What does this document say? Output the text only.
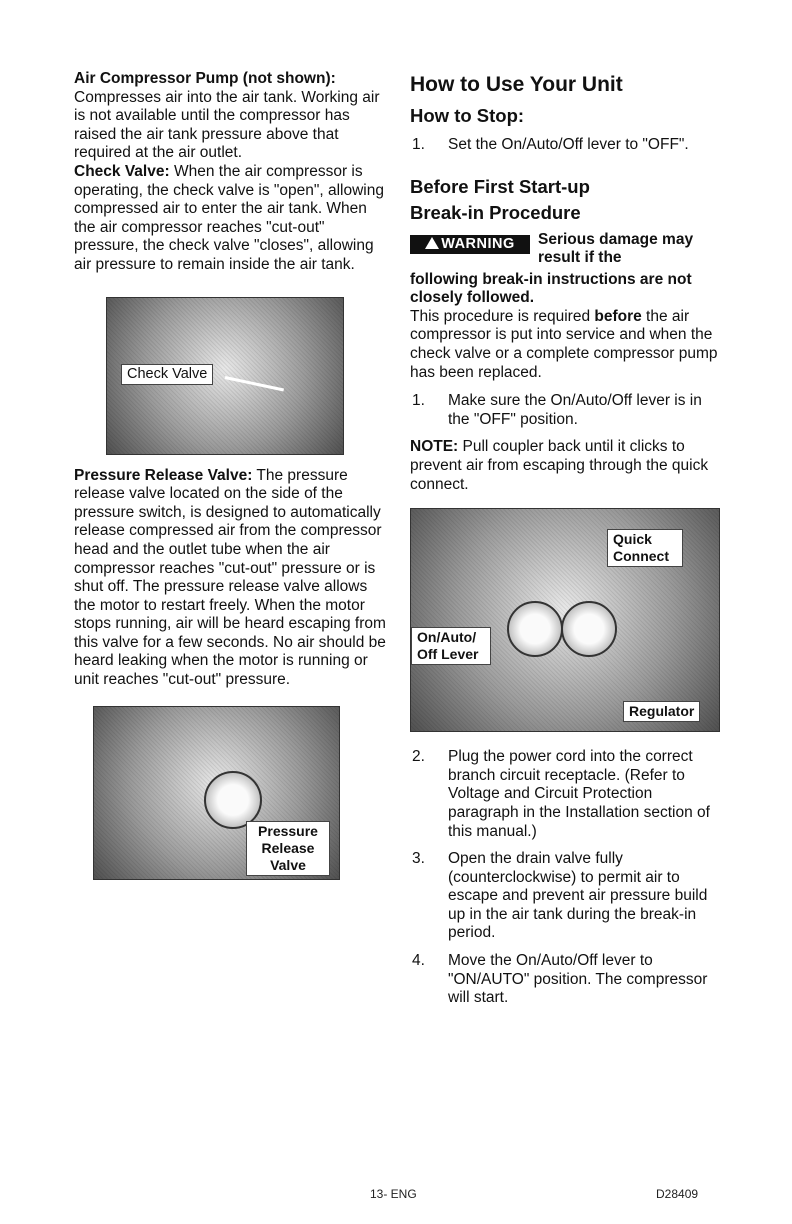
Air Compressor Pump (not shown):
Compresses air into the air tank. Working air is not available until the compressor has raised the air tank pressure above that required at the air outlet.

Check Valve: When the air compressor is operating, the check valve is "open", allowing compressed air to enter the air tank. When the air compressor reaches "cut-out" pressure, the check valve "closes", allowing air pressure to remain inside the air tank.

Check Valve

Pressure Release Valve: The pressure release valve located on the side of the pressure switch, is designed to automatically release compressed air from the compressor head and the outlet tube when the air compressor reaches "cut-out" pressure or is shut off. The pressure release valve allows the motor to restart freely. When the motor stops running, air will be heard escaping from this valve for a few seconds. No air should be heard leaking when the motor is running or unit reaches "cut-out" pressure.

Pressure
Release
Valve
How to Use Your Unit
How to Stop:
1. Set the On/Auto/Off lever to "OFF".
Before First Start-up
Break-in Procedure
WARNING	Serious damage may result if the
following break-in instructions are not closely followed.

This procedure is required before the air compressor is put into service and when the check valve or a complete compressor pump has been replaced.

1. Make sure the On/Auto/Off lever is in the "OFF" position.

NOTE: Pull coupler back until it clicks to prevent air from escaping through the quick connect.

Quick
Connect
On/Auto/
Off Lever
Regulator
2. Plug the power cord into the correct branch circuit receptacle. (Refer to Voltage and Circuit Protection paragraph in the Installation section of this manual.)
3. Open the drain valve fully (counterclockwise) to permit air to escape and prevent air pressure build up in the air tank during the break-in period.
4. Move the On/Auto/Off lever to "ON/AUTO" position. The compressor will start.
13- ENG	D28409
